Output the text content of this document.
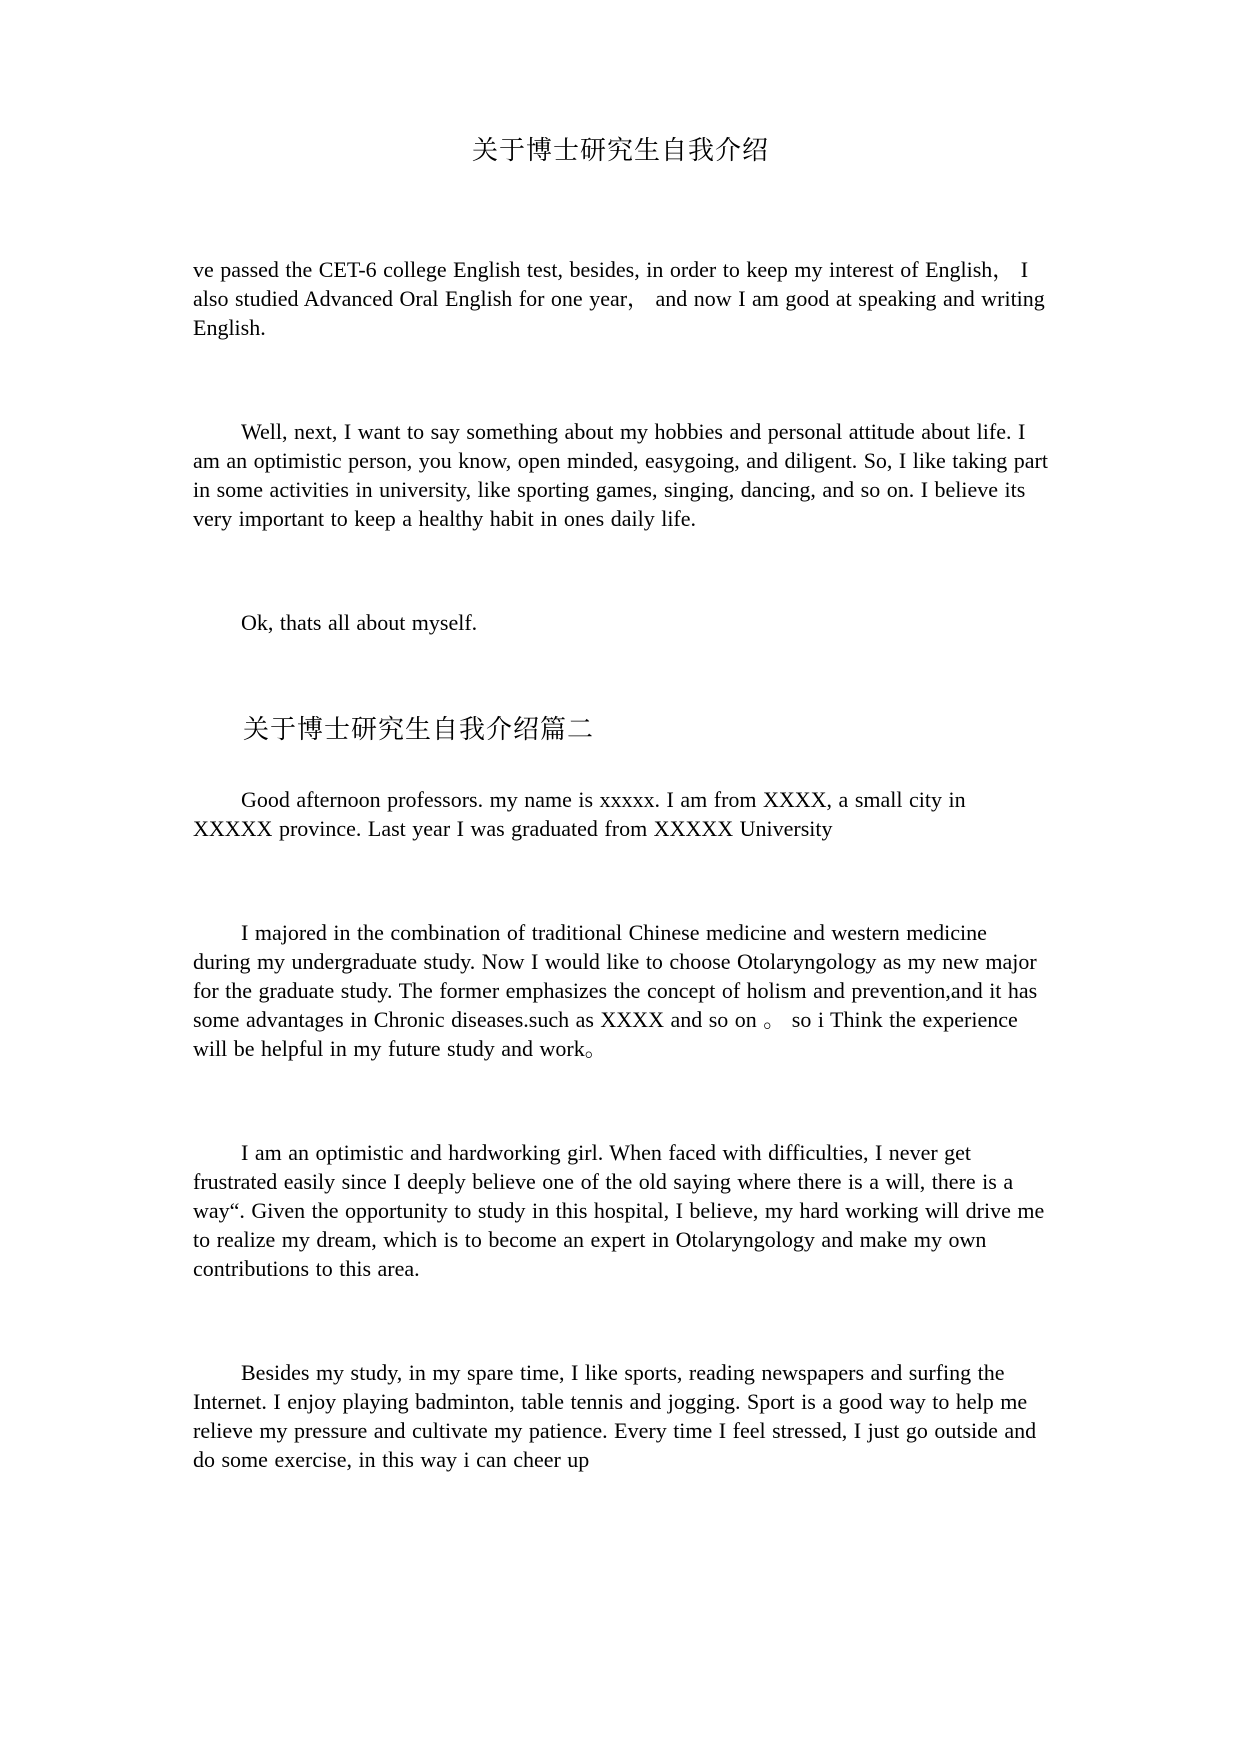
关于博士研究生自我介绍

ve passed the CET-6 college English test, besides, in order to keep my interest of English， I also studied Advanced Oral English for one year， and now I am good at speaking and writing English.

Well, next, I want to say something about my hobbies and personal attitude about life. I am an optimistic person, you know, open minded, easygoing, and diligent. So, I like taking part in some activities in university, like sporting games, singing, dancing, and so on. I believe its very important to keep a healthy habit in ones daily life.

Ok, thats all about myself.

关于博士研究生自我介绍篇二

Good afternoon professors. my name is xxxxx. I am from XXXX, a small city in XXXXX province. Last year I was graduated from XXXXX University

I majored in the combination of traditional Chinese medicine and western medicine during my undergraduate study. Now I would like to choose Otolaryngology as my new major for the graduate study. The former emphasizes the concept of holism and prevention,and it has some advantages in Chronic diseases.such as XXXX and so on 。 so i Think the experience will be helpful in my future study and work。

I am an optimistic and hardworking girl. When faced with difficulties, I never get frustrated easily since I deeply believe one of the old saying where there is a will, there is a way“. Given the opportunity to study in this hospital, I believe, my hard working will drive me to realize my dream, which is to become an expert in Otolaryngology and make my own contributions to this area.

Besides my study, in my spare time, I like sports, reading newspapers and surfing the Internet. I enjoy playing badminton, table tennis and jogging. Sport is a good way to help me relieve my pressure and cultivate my patience. Every time I feel stressed, I just go outside and do some exercise, in this way i can cheer up
